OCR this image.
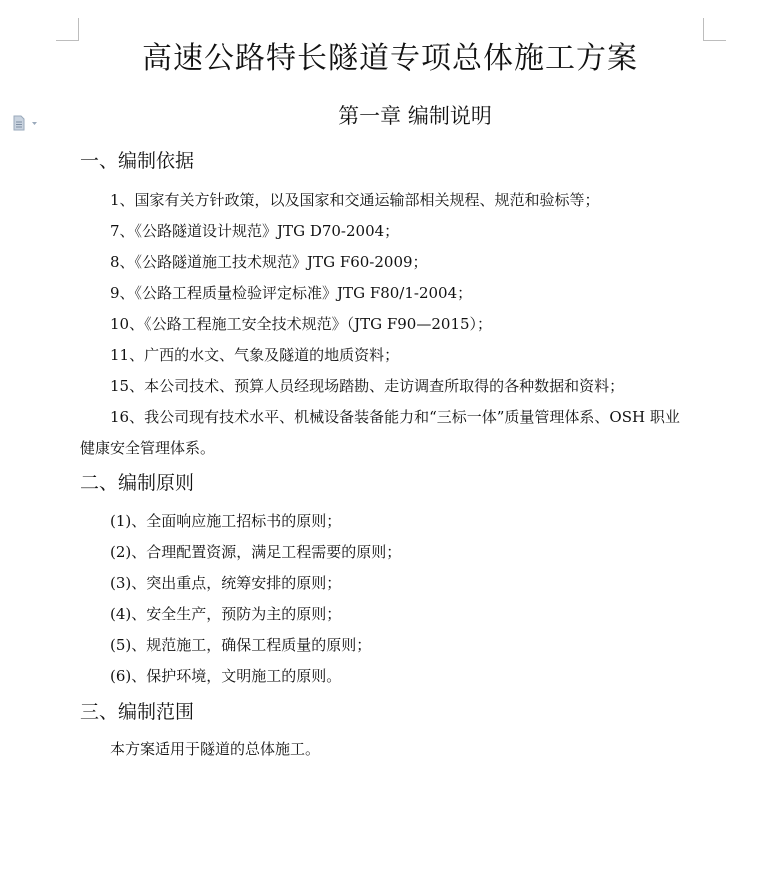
高速公路特长隧道专项总体施工方案
第一章 编制说明
一、编制依据

1、国家有关方针政策，以及国家和交通运输部相关规程、规范和验标等；

7、《公路隧道设计规范》JTG D70-2004；

8、《公路隧道施工技术规范》JTG F60-2009；

9、《公路工程质量检验评定标准》JTG F80/1-2004；

10、《公路工程施工安全技术规范》（JTG F90—2015）；

11、广西的水文、气象及隧道的地质资料；

15、本公司技术、预算人员经现场踏勘、走访调查所取得的各种数据和资料；

16、我公司现有技术水平、机械设备装备能力和“三标一体”质量管理体系、OSH 职业

健康安全管理体系。

二、编制原则

(1)、全面响应施工招标书的原则；

(2)、合理配置资源，满足工程需要的原则；

(3)、突出重点，统筹安排的原则；

(4)、安全生产，预防为主的原则；

(5)、规范施工，确保工程质量的原则；

(6)、保护环境，文明施工的原则。

三、编制范围

本方案适用于隧道的总体施工。
